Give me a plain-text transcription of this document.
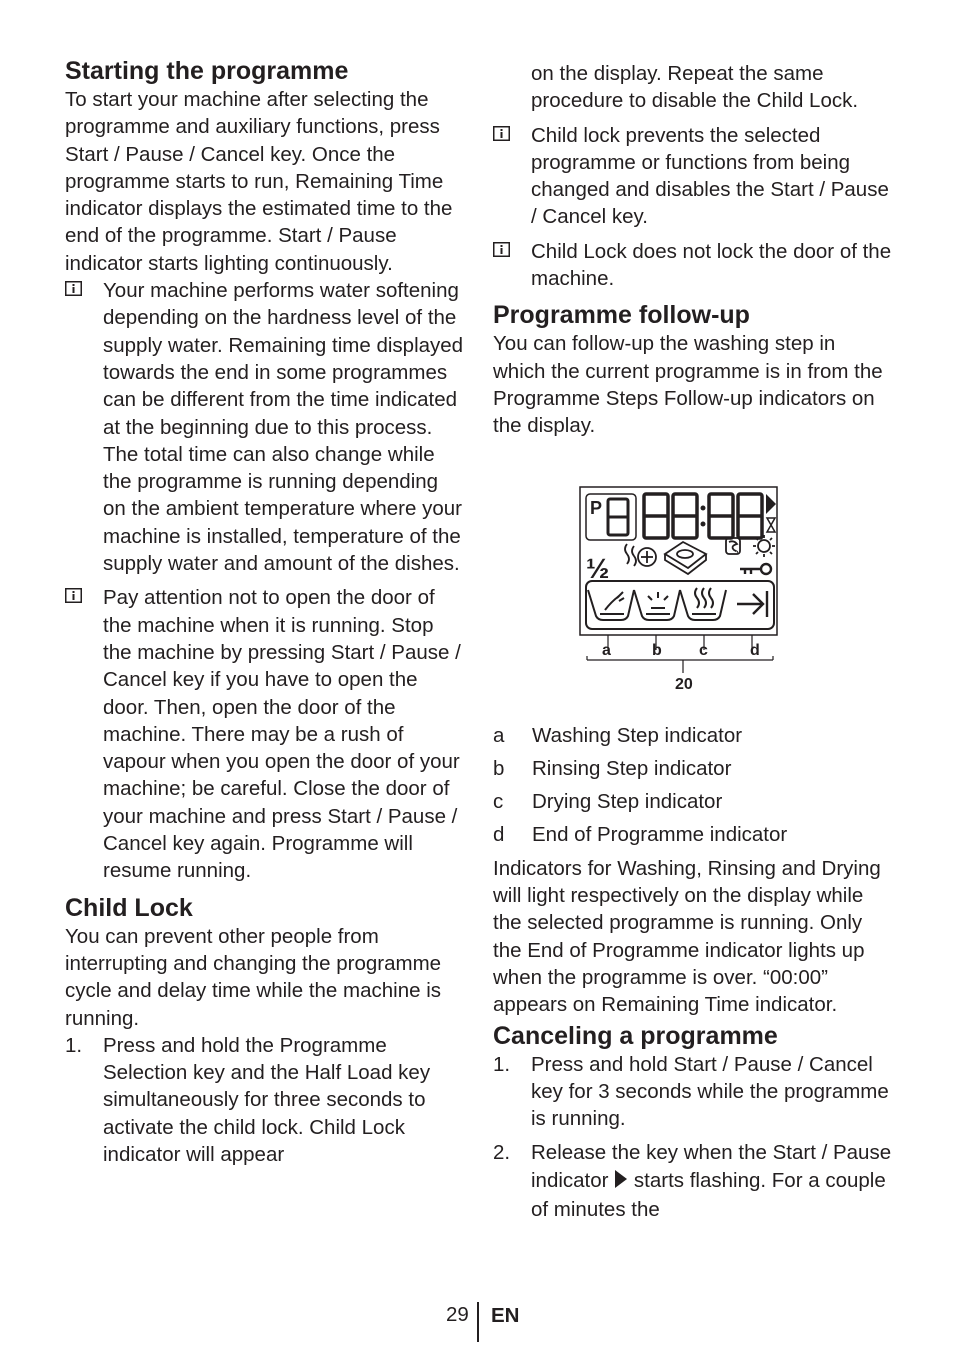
Starting the programme

To start your machine after selecting the programme and auxiliary functions, press Start / Pause / Cancel key. Once the programme starts to run, Remaining Time indicator displays the estimated time to the end of the programme. Start / Pause indicator starts lighting continuously.

Your machine performs water softening depending on the hardness level of the supply water. Remaining time displayed towards the end in some programmes can be different from the time indicated at the beginning due to this process. The total time can also change while the programme is running depending on the ambient temperature where your machine is installed, temperature of the supply water and amount of the dishes.
Pay attention not to open the door of the machine when it is running. Stop the machine by pressing Start / Pause / Cancel key if you have to open the door. Then, open the door of the machine. There may be a rush of vapour when you open the door of your machine; be careful. Close the door of your machine and press Start / Pause / Cancel key again. Programme will resume running.
Child Lock

You can prevent other people from interrupting and changing the programme cycle and delay time while the machine is running.

1. Press and hold the Programme Selection key and the Half Load key simultaneously for three seconds to activate the child lock. Child Lock indicator will appear
on the display. Repeat the same procedure to disable the Child Lock.
Child lock prevents the selected programme or functions from being changed and disables the Start / Pause / Cancel key.
Child Lock does not lock the door of the machine.
Programme follow-up

You can follow-up the washing step in which the current programme is in from the Programme Steps Follow-up indicators on the display.

P
½
a	b c	d
20
a	Washing Step indicator
b	Rinsing Step indicator
c	Drying Step indicator
d	End of Programme indicator

Indicators for Washing, Rinsing and Drying will light respectively on the display while the selected programme is running. Only the End of Programme indicator lights up when the programme is over. “00:00” appears on Remaining Time indicator.

Canceling a programme
1. Press and hold Start / Pause / Cancel key for 3 seconds while the programme is running.
2. Release the key when the Start / Pause indicator starts flashing. For a couple of minutes the
29 EN
